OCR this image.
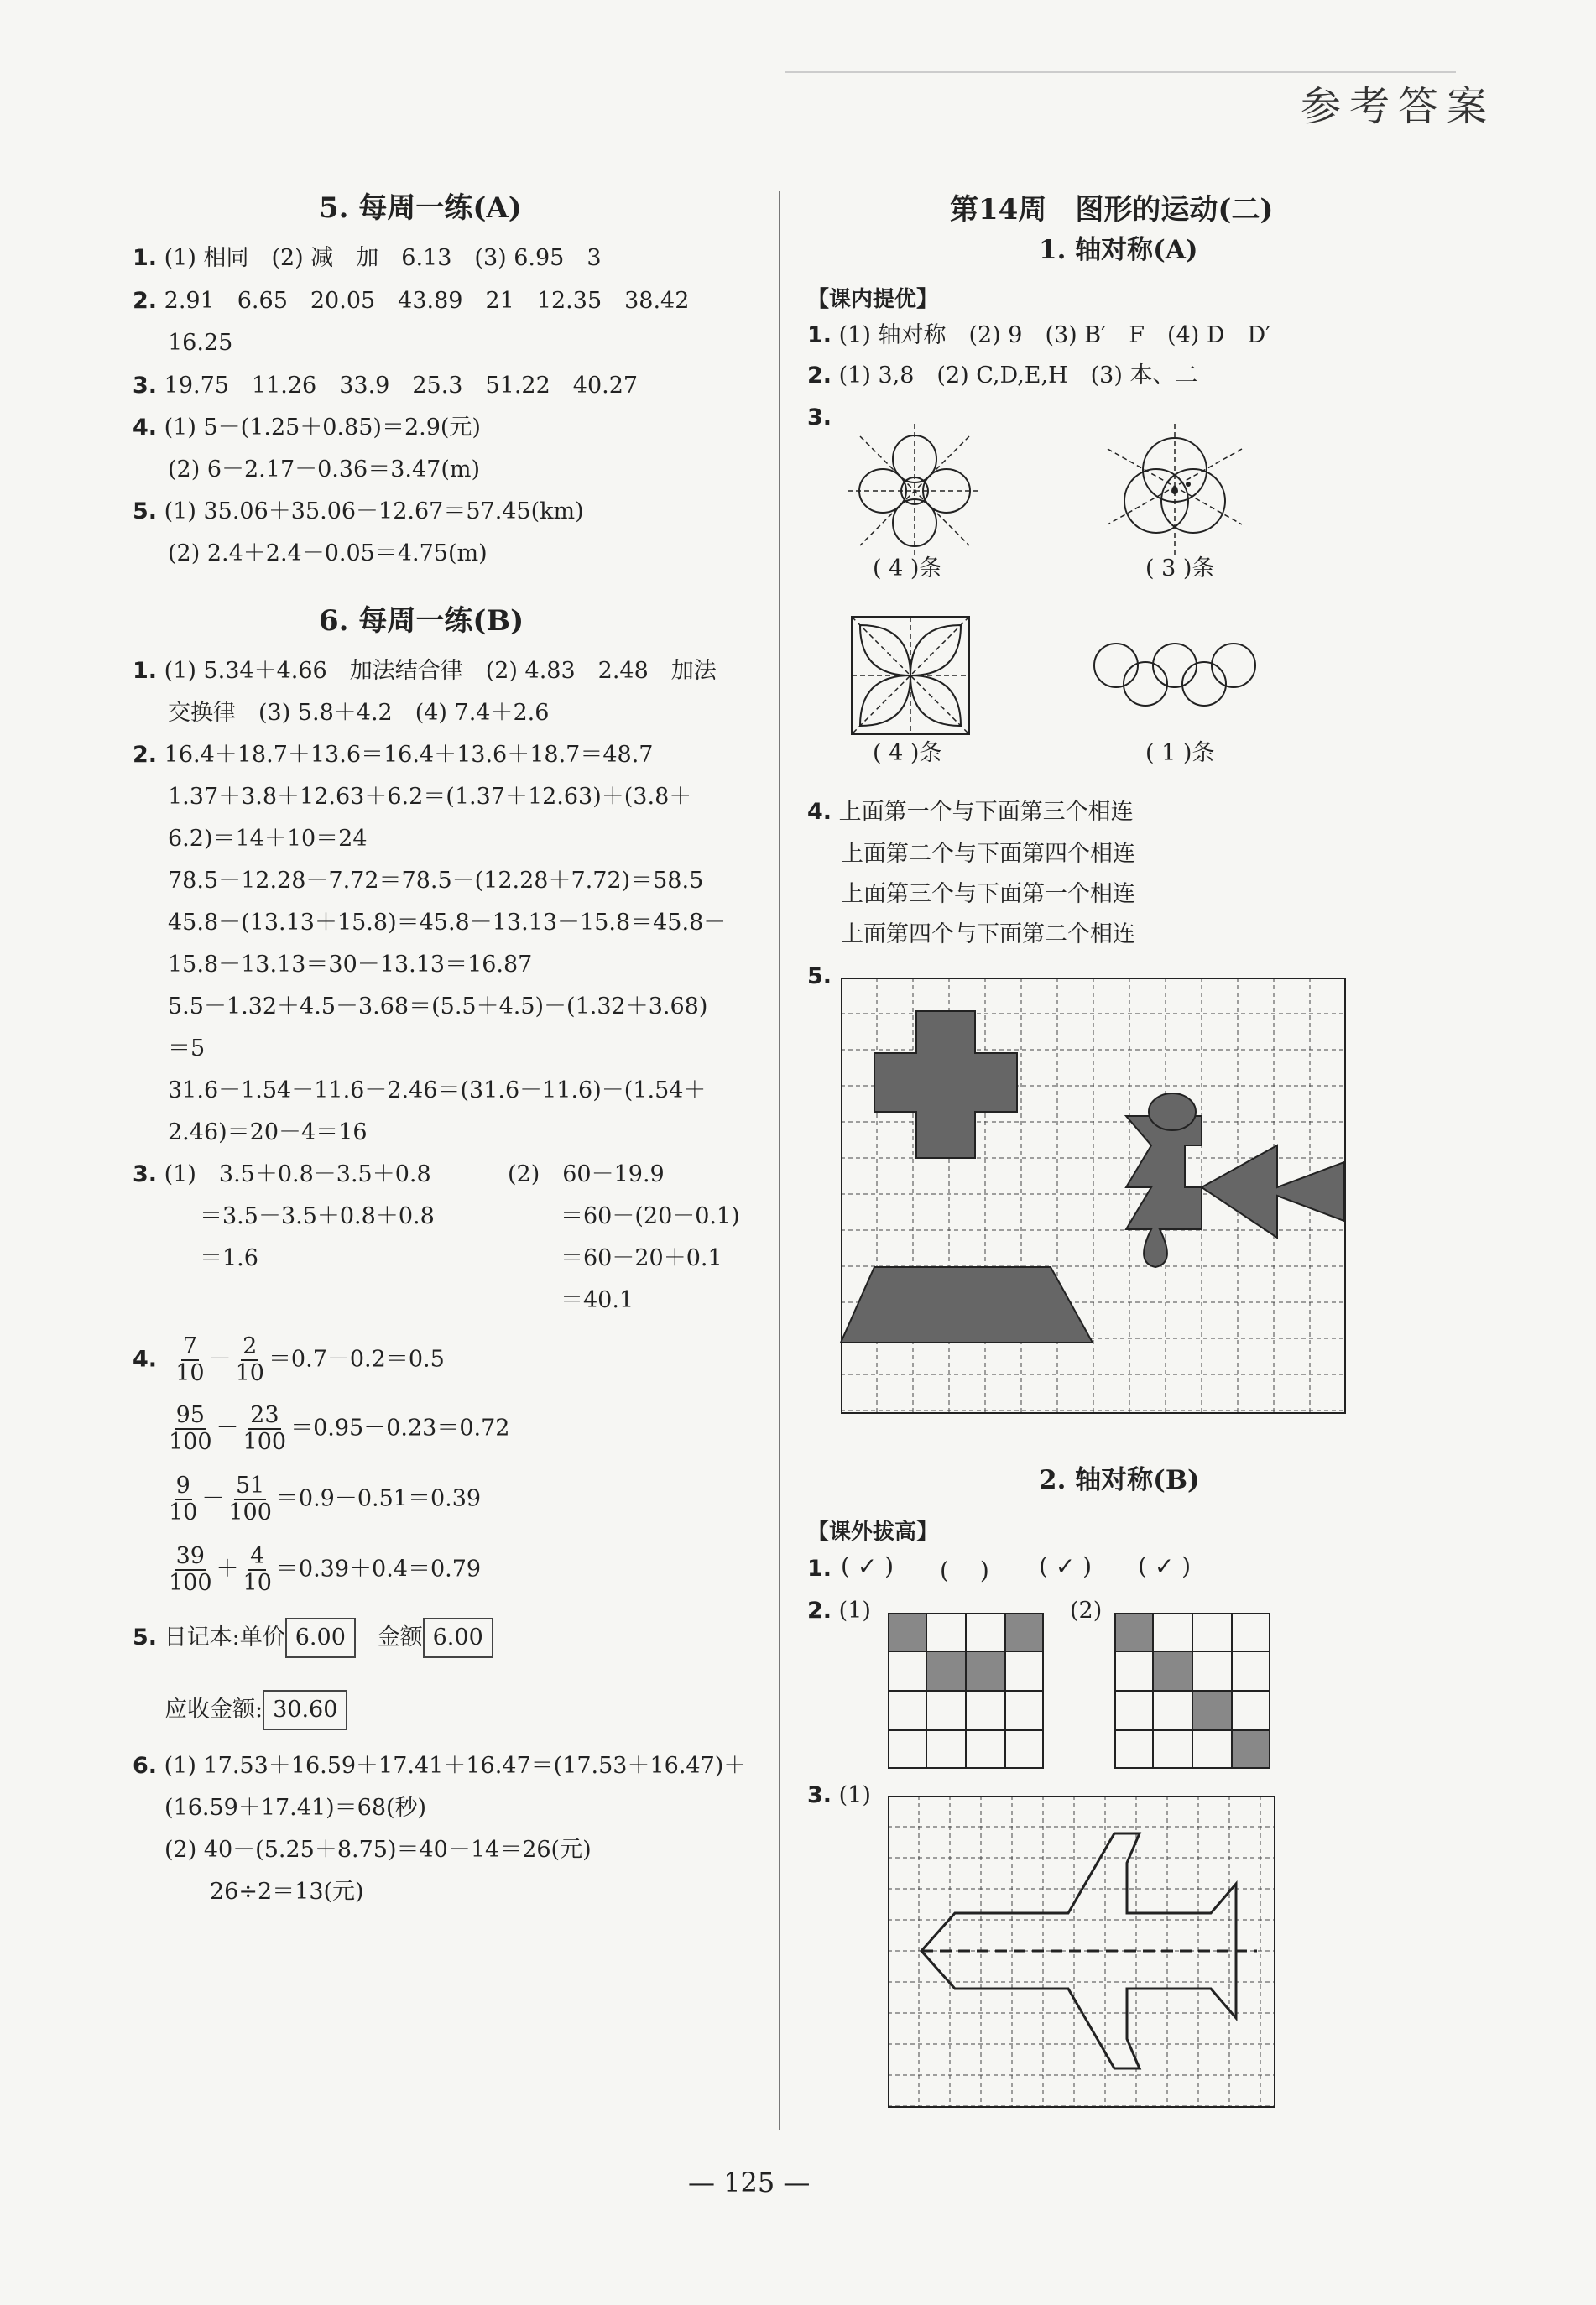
参考答案
5. 每周一练(A)
1. (1) 相同　(2) 减　加　6.13　(3) 6.95　3
2. 2.91　6.65　20.05　43.89　21　12.35　38.42
16.25
3. 19.75　11.26　33.9　25.3　51.22　40.27
4. (1) 5－(1.25＋0.85)＝2.9(元)
(2) 6－2.17－0.36＝3.47(m)
5. (1) 35.06＋35.06－12.67＝57.45(km)
(2) 2.4＋2.4－0.05＝4.75(m)
6. 每周一练(B)
1. (1) 5.34＋4.66　加法结合律　(2) 4.83　2.48　加法
交换律　(3) 5.8＋4.2　(4) 7.4＋2.6
2. 16.4＋18.7＋13.6＝16.4＋13.6＋18.7＝48.7
1.37＋3.8＋12.63＋6.2＝(1.37＋12.63)＋(3.8＋
6.2)＝14＋10＝24
78.5－12.28－7.72＝78.5－(12.28＋7.72)＝58.5
45.8－(13.13＋15.8)＝45.8－13.13－15.8＝45.8－
15.8－13.13＝30－13.13＝16.87
5.5－1.32＋4.5－3.68＝(5.5＋4.5)－(1.32＋3.68)
＝5
31.6－1.54－11.6－2.46＝(31.6－11.6)－(1.54＋
2.46)＝20－4＝16
3. (1)　3.5＋0.8－3.5＋0.8
＝3.5－3.5＋0.8＋0.8
＝1.6
(2)　60－19.9
＝60－(20－0.1)
＝60－20＋0.1
＝40.1
4. $\frac{7}{10} - \frac{2}{10} =0.7-0.2=0.5$
$\frac{95}{100} - \frac{23}{100} =0.95-0.23=0.72$
$\frac{9}{10} - \frac{51}{100} =0.9-0.51=0.39$
$\frac{39}{100} + \frac{4}{10} =0.39+0.4=0.79$
5. 日记本:单价 6.00 金额 6.00
应收金额: 30.60
6. (1) 17.53＋16.59＋17.41＋16.47＝(17.53＋16.47)＋
(16.59＋17.41)＝68(秒)
(2) 40－(5.25＋8.75)＝40－14＝26(元)
26÷2＝13(元)
第14周　图形的运动(二)
1. 轴对称(A)
【课内提优】
1. (1) 轴对称　(2) 9　(3) B′　F　(4) D　D′
2. (1) 3,8　(2) C,D,E,H　(3) 本、二
3.
( 4 )条	( 3 )条
( 4 )条	( 1 )条
4. 上面第一个与下面第三个相连
上面第二个与下面第四个相连
上面第三个与下面第一个相连
上面第四个与下面第二个相连
5.
2. 轴对称(B)
【课外拔高】
1. ( ✓ ) (　 ) ( ✓ ) ( ✓ )
2. (1)	(2)
3. (1)
— 125 —
